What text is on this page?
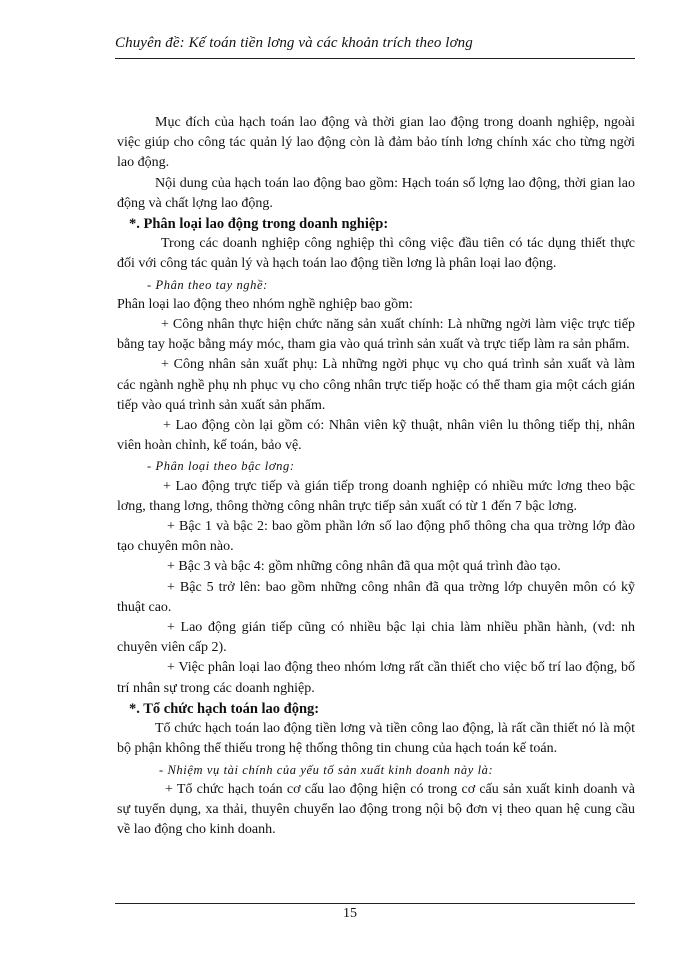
Chuyên đề: Kế toán tiền lơng và các khoản trích theo lơng

Mục đích của hạch toán lao động và thời gian lao động trong doanh nghiệp, ngoài việc giúp cho công tác quản lý lao động còn là đảm bảo tính lơng chính xác cho từng ngời lao động.

Nội dung của hạch toán lao động bao gồm: Hạch toán số lợng lao động, thời gian lao động và chất lợng lao động.

*. Phân loại lao động trong doanh nghiệp:

Trong các doanh nghiệp công nghiệp thì công việc đầu tiên có tác dụng thiết thực đối với công tác quản lý và hạch toán lao động tiền lơng là phân loại lao động.

- Phân theo tay nghề:

Phân loại lao động theo nhóm nghề nghiệp bao gồm:

+ Công nhân thực hiện chức năng sản xuất chính: Là những ngời làm việc trực tiếp bằng tay hoặc bằng máy móc, tham gia vào quá trình sản xuất và trực tiếp làm ra sản phẩm.

+ Công nhân sản xuất phụ: Là những ngời phục vụ cho quá trình sản xuất và làm các ngành nghề phụ nh phục vụ cho công nhân trực tiếp hoặc có thể tham gia một cách gián tiếp vào quá trình sản xuất sản phẩm.

+ Lao động còn lại gồm có: Nhân viên kỹ thuật, nhân viên lu thông tiếp thị, nhân viên hoàn chỉnh, kế toán, bảo vệ.

- Phân loại theo bậc lơng:

+ Lao động trực tiếp và gián tiếp trong doanh nghiệp có nhiều mức lơng theo bậc lơng, thang lơng, thông thờng công nhân trực tiếp sản xuất có từ 1 đến 7 bậc lơng.

+ Bậc 1 và bậc 2: bao gồm phần lớn số lao động phổ thông cha qua trờng lớp đào tạo chuyên môn nào.

+ Bậc 3 và bậc 4: gồm những công nhân đã qua một quá trình đào tạo.

+ Bậc 5 trở lên: bao gồm những công nhân đã qua trờng lớp chuyên môn có kỹ thuật cao.

+ Lao động gián tiếp cũng có nhiều bậc lại chia làm nhiều phần hành, (vd: nh chuyên viên cấp 2).

+ Việc phân loại lao động theo nhóm lơng rất cần thiết cho việc bố trí lao động, bố trí nhân sự trong các doanh nghiệp.

*. Tổ chức hạch toán lao động:

Tổ chức hạch toán lao động tiền lơng và tiền công lao động, là rất cần thiết nó là một bộ phận không thể thiếu trong hệ thống thông tin chung của hạch toán kế toán.

- Nhiệm vụ tài chính của yếu tố sản xuất kinh doanh này là:

+ Tổ chức hạch toán cơ cấu lao động hiện có trong cơ cấu sản xuất kinh doanh và sự tuyển dụng, xa thải, thuyên chuyển lao động trong nội bộ đơn vị theo quan hệ cung cầu về lao động cho kinh doanh.

15
